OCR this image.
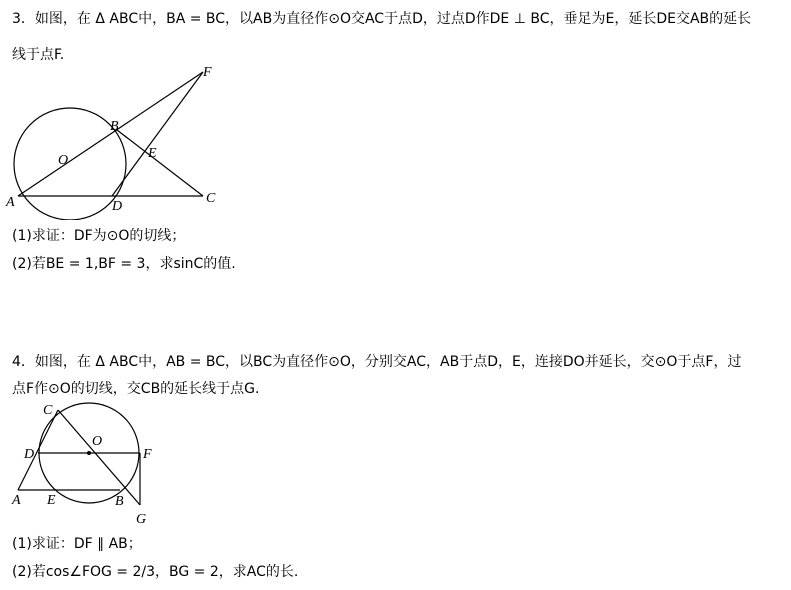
3．如图，在 Δ ABC中，BA = BC，以AB为直径作⊙O交AC于点D，过点D作DE ⊥ BC，垂足为E，延长DE交AB的延长
线于点F.
F
B
O	E
A	D
C
(1)求证：DF为⊙O的切线；
(2)若BE = 1,BF = 3，求sinC的值.
4．如图，在 Δ ABC中，AB = BC，以BC为直径作⊙O，分别交AC，AB于点D，E，连接DO并延长，交⊙O于点F，过
点F作⊙O的切线，交CB的延长线于点G.
C
O
D	F
A E	B
G
(1)求证：DF ∥ AB；
(2)若cos∠FOG = 2/3，BG = 2，求AC的长.
